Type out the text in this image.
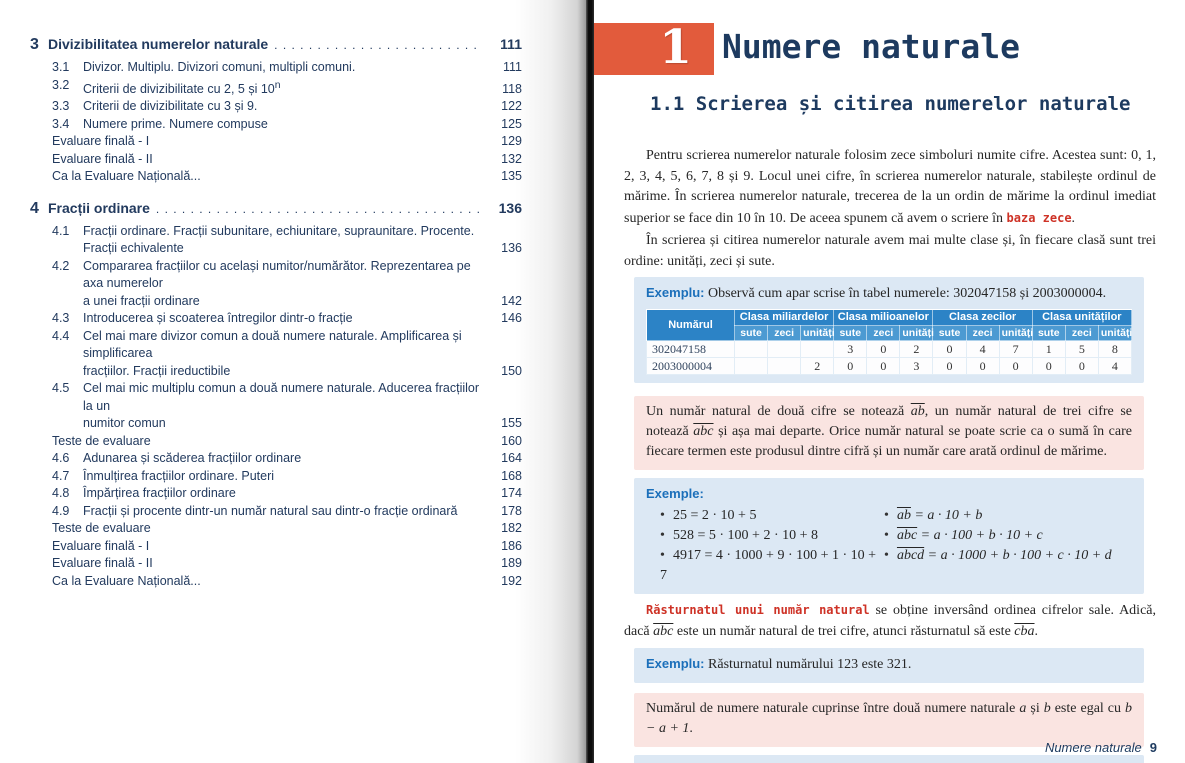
3 Divizibilitatea numerelor naturale . . .	111
3.1	Divizor. Multiplu. Divizori comuni, multipli comuni.	111
3.2	Criterii de divizibilitate cu 2, 5 și 10$^n$	118
3.3	Criterii de divizibilitate cu 3 și 9.	122
3.4	Numere prime. Numere compuse	125
Evaluare finală - I	129
Evaluare finală - II	132
Ca la Evaluare Națională...	135
4 Fracții ordinare . . .	136
4.1	Fracții ordinare. Fracții subunitare, echiunitare, supraunitare. Procente.
Fracții echivalente	136
4.2	Compararea fracțiilor cu același numitor/numărător. Reprezentarea pe axa numerelor
a unei fracții ordinare	142
4.3	Introducerea și scoaterea întregilor dintr-o fracție	146
4.4	Cel mai mare divizor comun a două numere naturale. Amplificarea și simplificarea
fracțiilor. Fracții ireductibile	150
4.5	Cel mai mic multiplu comun a două numere naturale. Aducerea fracțiilor la un
numitor comun	155
Teste de evaluare	160
4.6	Adunarea și scăderea fracțiilor ordinare	164
4.7	Înmulțirea fracțiilor ordinare. Puteri	168
4.8	Împărțirea fracțiilor ordinare	174
4.9	Fracții și procente dintr-un număr natural sau dintr-o fracție ordinară	178
Teste de evaluare	182
Evaluare finală - I	186
Evaluare finală - II	189
Ca la Evaluare Națională...	192
1 Numere naturale
1.1 Scrierea și citirea numerelor naturale

Pentru scrierea numerelor naturale folosim zece simboluri numite cifre. Acestea sunt: 0, 1, 2, 3, 4, 5, 6, 7, 8 și 9. Locul unei cifre, în scrierea numerelor naturale, stabilește ordinul de mărime. În scrierea numerelor naturale, trecerea de la un ordin de mărime la ordinul imediat superior se face din 10 în 10. De aceea spunem că avem o scriere în baza zece.

În scrierea și citirea numerelor naturale avem mai multe clase și, în fiecare clasă sunt trei ordine: unități, zeci și sute.

Exemplu: Observă cum apar scrise în tabel numerele: 302047158 și 2003000004.
Numărul	Clasa miliardelor			Clasa milioanelor			Clasa zecilor			Clasa unităților		
	sute	zeci	unități	sute	zeci	unități	sute	zeci	unități	sute	zeci	unități
302047158				3	0	2	0	4	7	1	5	8
2003000004			2	0	0	3	0	0	0	0	0	4
Un număr natural de două cifre se notează $\overline{ab}$, un număr natural de trei cifre se notează $\overline{abc}$ și așa mai departe. Orice număr natural se poate scrie ca o sumă în care fiecare termen este produsul dintre cifră și un număr care arată ordinul de mărime.
Exemple:
• 25 = 2 · 10 + 5
• 528 = 5 · 100 + 2 · 10 + 8
• 4917 = 4 · 1000 + 9 · 100 + 1 · 10 + 7
• $\overline{ab} = a \cdot 10 + b$
• $\overline{abc} = a \cdot 100 + b \cdot 10 + c$
• abcd = a · 1000 + b · 100 + c · 10 + d

Răsturnatul unui număr natural se obține inversând ordinea cifrelor sale. Adică, dacă $\overline{abc}$ este un număr natural de trei cifre, atunci răsturnatul să este $\overline{cba}$.

Exemplu: Răsturnatul numărului 123 este 321.
Numărul de numere naturale cuprinse între două numere naturale a și b este egal cu b − a + 1.
Numere naturale 9
